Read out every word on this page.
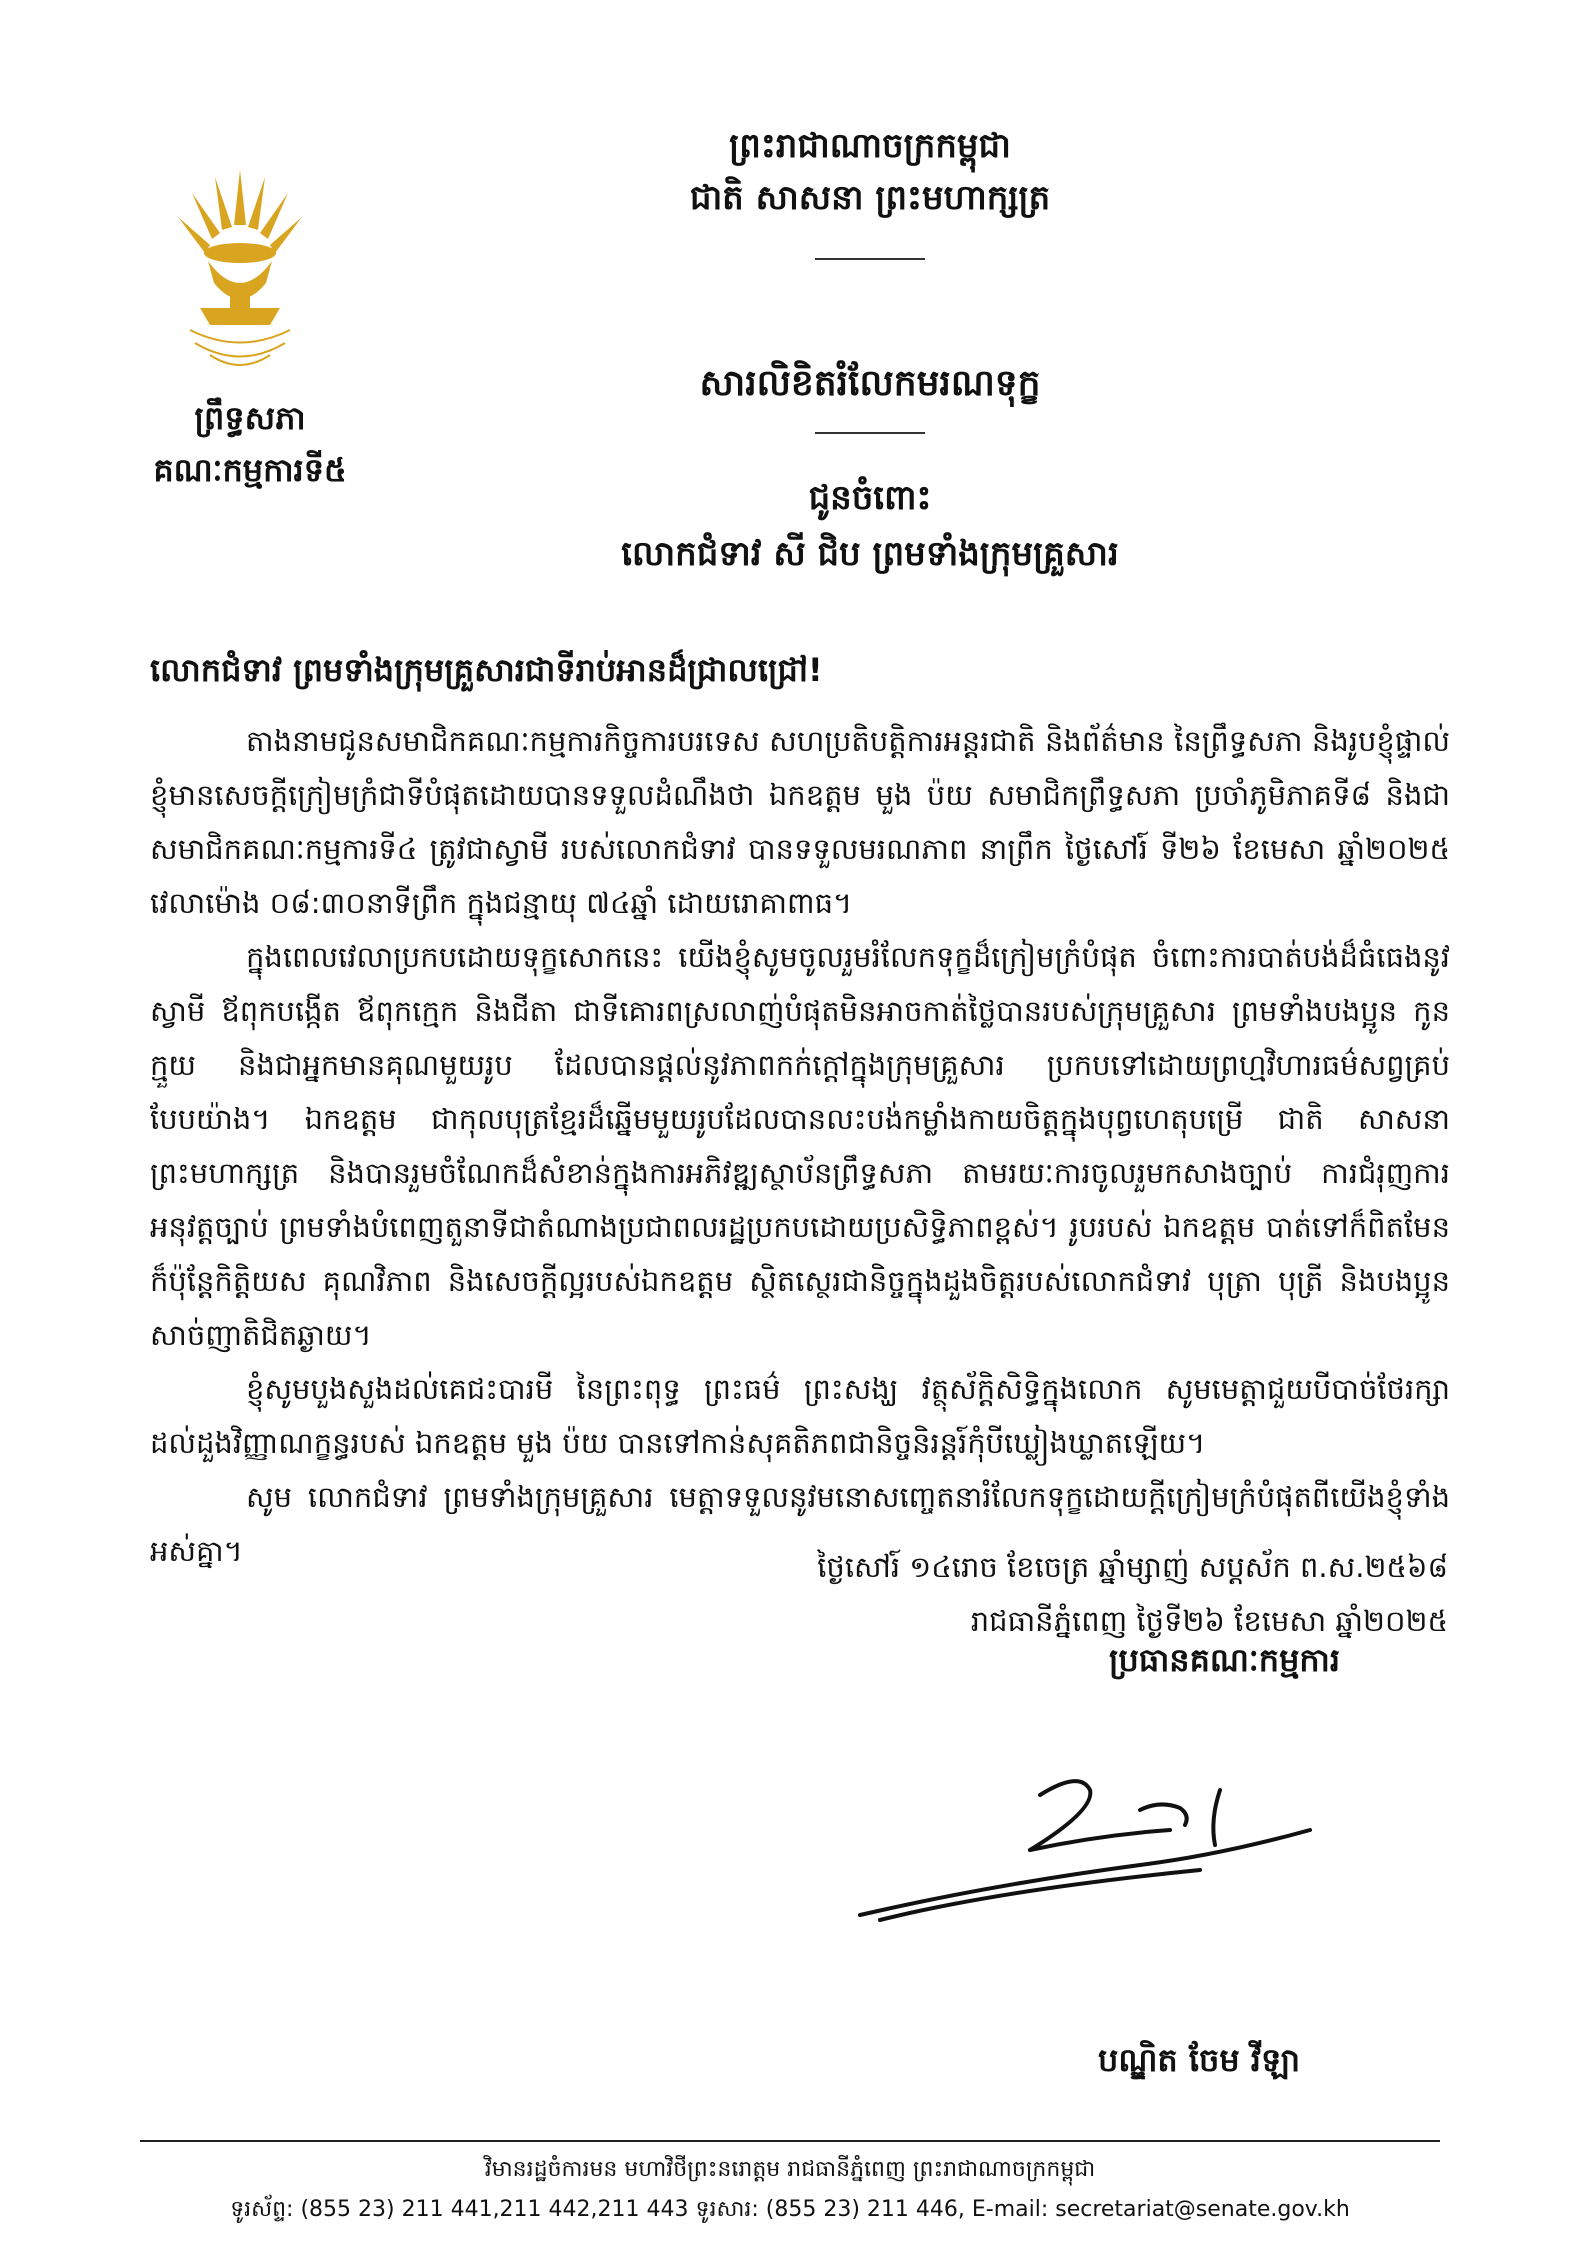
ព្រះរាជាណាចក្រកម្ពុជា
ជាតិ សាសនា ព្រះមហាក្សត្រ
ព្រឹទ្ធសភា
គណៈកម្មការទី៥
សារលិខិតរំលែកមរណទុក្ខ
ជូនចំពោះ
លោកជំទាវ សី ជិប ព្រមទាំងក្រុមគ្រួសារ
លោកជំទាវ ព្រមទាំងក្រុមគ្រួសារជាទីរាប់អានដ៏ជ្រាលជ្រៅ!

តាងនាមជូនសមាជិកគណៈកម្មការកិច្ចការបរទេស សហប្រតិបត្តិការអន្តរជាតិ និងព័ត៌មាន នៃព្រឹទ្ធសភា និងរូបខ្ញុំផ្ទាល់ ខ្ញុំមានសេចក្តីក្រៀមក្រំជាទីបំផុតដោយបានទទួលដំណឹងថា ឯកឧត្តម មួង ប៉យ សមាជិកព្រឹទ្ធសភា ប្រចាំភូមិភាគទី៨ និងជាសមាជិកគណៈកម្មការទី៤ ត្រូវជាស្វាមី របស់លោកជំទាវ បានទទួលមរណភាព នាព្រឹក ថ្ងៃសៅរ៍ ទី២៦ ខែមេសា ឆ្នាំ២០២៥ វេលាម៉ោង ០៨:៣០នាទីព្រឹក ក្នុងជន្មាយុ ៧៤ឆ្នាំ ដោយរោគាពាធ។

ក្នុងពេលវេលាប្រកបដោយទុក្ខសោកនេះ យើងខ្ញុំសូមចូលរួមរំលែកទុក្ខដ៏ក្រៀមក្រំបំផុត ចំពោះការបាត់បង់ដ៏ធំធេងនូវស្វាមី ឪពុកបង្កើត ឪពុកក្មេក និងជីតា ជាទីគោរពស្រលាញ់បំផុតមិនអាចកាត់ថ្លៃបានរបស់ក្រុមគ្រួសារ ព្រមទាំងបងប្អូន កូនក្មួយ និងជាអ្នកមានគុណមួយរូប ដែលបានផ្តល់នូវភាពកក់ក្តៅក្នុងក្រុមគ្រួសារ ប្រកបទៅដោយព្រហ្មវិហារធម៌សព្វគ្រប់បែបយ៉ាង។ ឯកឧត្តម ជាកុលបុត្រខ្មែរដ៏ឆ្នើមមួយរូបដែលបានលះបង់កម្លាំងកាយចិត្តក្នុងបុព្វហេតុបម្រើ ជាតិ សាសនា ព្រះមហាក្សត្រ និងបានរួមចំណែកដ៏សំខាន់ក្នុងការអភិវឌ្ឍស្ថាប័នព្រឹទ្ធសភា តាមរយៈការចូលរួមកសាងច្បាប់ ការជំរុញការអនុវត្តច្បាប់ ព្រមទាំងបំពេញតួនាទីជាតំណាងប្រជាពលរដ្ឋប្រកបដោយប្រសិទ្ធិភាពខ្ពស់។ រូបរបស់ ឯកឧត្តម បាត់ទៅក៏ពិតមែន ក៏ប៉ុន្តែកិត្តិយស គុណវិភាព និងសេចក្តីល្អរបស់ឯកឧត្តម ស្ថិតស្ថេរជានិច្ចក្នុងដួងចិត្តរបស់លោកជំទាវ បុត្រា បុត្រី និងបងប្អូនសាច់ញាតិជិតឆ្ងាយ។

ខ្ញុំសូមបួងសួងដល់គេជះបារមី នៃព្រះពុទ្ធ ព្រះធម៌ ព្រះសង្ឃ វត្ថុស័ក្តិសិទ្ធិក្នុងលោក សូមមេត្តាជួយបីបាច់ថែរក្សាដល់ដួងវិញ្ញាណក្ខន្ធរបស់ ឯកឧត្តម មួង ប៉យ បានទៅកាន់សុគតិភពជានិច្ចនិរន្តរ៍កុំបីឃ្លៀងឃ្លាតឡើយ។

សូម លោកជំទាវ ព្រមទាំងក្រុមគ្រួសារ មេត្តាទទួលនូវមនោសញ្ចេតនារំលែកទុក្ខដោយក្តីក្រៀមក្រំបំផុតពីយើងខ្ញុំទាំងអស់គ្នា។	ថ្ងៃសៅរ៍ ១៤រោច ខែចេត្រ ឆ្នាំម្សាញ់ សប្តស័ក ព.ស.២៥៦៨
រាជធានីភ្នំពេញ ថ្ងៃទី២៦ ខែមេសា ឆ្នាំ២០២៥
ប្រធានគណៈកម្មការ
បណ្ឌិត ចែម វីឡា
វិមានរដ្ឋចំការមន មហាវិថីព្រះនរោត្តម រាជធានីភ្នំពេញ ព្រះរាជាណាចក្រកម្ពុជា
ទូរស័ព្ទ: (855 23) 211 441,211 442,211 443 ទូរសារ: (855 23) 211 446, E-mail: secretariat@senate.gov.kh
